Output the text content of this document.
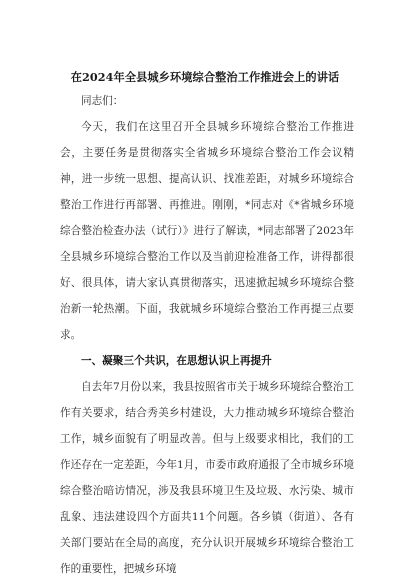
在2024年全县城乡环境综合整治工作推进会上的讲话

同志们：

今天，我们在这里召开全县城乡环境综合整治工作推进会，主要任务是贯彻落实全省城乡环境综合整治工作会议精神，进一步统一思想、提高认识、找准差距，对城乡环境综合整治工作进行再部署、再推进。刚刚，*同志对《*省城乡环境综合整治检查办法（试行）》进行了解读，*同志部署了2023年全县城乡环境综合整治工作以及当前迎检准备工作，讲得都很好、很具体，请大家认真贯彻落实，迅速掀起城乡环境综合整治新一轮热潮。下面，我就城乡环境综合整治工作再提三点要求。

一、凝聚三个共识，在思想认识上再提升

自去年7月份以来，我县按照省市关于城乡环境综合整治工作有关要求，结合秀美乡村建设，大力推动城乡环境综合整治工作，城乡面貌有了明显改善。但与上级要求相比，我们的工作还存在一定差距，今年1月，市委市政府通报了全市城乡环境综合整治暗访情况，涉及我县环境卫生及垃圾、水污染、城市乱象、违法建设四个方面共11个问题。各乡镇（街道）、各有关部门要站在全局的高度，充分认识开展城乡环境综合整治工作的重要性，把城乡环境
